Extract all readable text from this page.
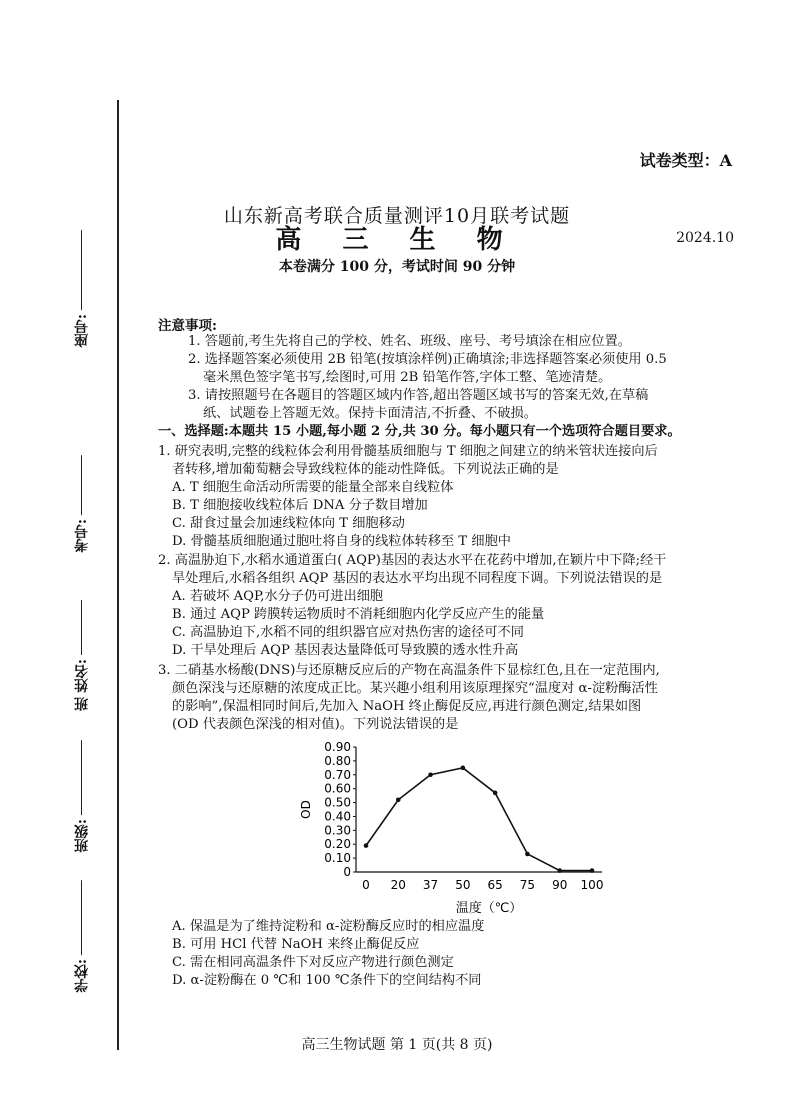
座号:
考号:
班 姓名:
班级:
学校:
试卷类型：A
山东新高考联合质量测评10月联考试题
高 三 生 物	2024.10
本卷满分 100 分，考试时间 90 分钟
注意事项:
1. 答题前,考生先将自己的学校、姓名、班级、座号、考号填涂在相应位置。
2. 选择题答案必须使用 2B 铅笔(按填涂样例)正确填涂;非选择题答案必须使用 0.5
毫米黑色签字笔书写,绘图时,可用 2B 铅笔作答,字体工整、笔迹清楚。
3. 请按照题号在各题目的答题区域内作答,超出答题区域书写的答案无效,在草稿
纸、试题卷上答题无效。保持卡面清洁,不折叠、不破损。
一、选择题:本题共 15 小题,每小题 2 分,共 30 分。每小题只有一个选项符合题目要求。
1. 研究表明,完整的线粒体会利用骨髓基质细胞与 T 细胞之间建立的纳米管状连接向后
者转移,增加葡萄糖会导致线粒体的能动性降低。下列说法正确的是
A. T 细胞生命活动所需要的能量全部来自线粒体
B. T 细胞接收线粒体后 DNA 分子数目增加
C. 甜食过量会加速线粒体向 T 细胞移动
D. 骨髓基质细胞通过胞吐将自身的线粒体转移至 T 细胞中
2. 高温胁迫下,水稻水通道蛋白( AQP)基因的表达水平在花药中增加,在颖片中下降;经干
旱处理后,水稻各组织 AQP 基因的表达水平均出现不同程度下调。下列说法错误的是
A. 若破坏 AQP,水分子仍可进出细胞
B. 通过 AQP 跨膜转运物质时不消耗细胞内化学反应产生的能量
C. 高温胁迫下,水稻不同的组织器官应对热伤害的途径可不同
D. 干旱处理后 AQP 基因表达量降低可导致膜的透水性升高
3. 二硝基水杨酸(DNS)与还原糖反应后的产物在高温条件下显棕红色,且在一定范围内,
颜色深浅与还原糖的浓度成正比。某兴趣小组利用该原理探究“温度对 α-淀粉酶活性
的影响”,保温相同时间后,先加入 NaOH 终止酶促反应,再进行颜色测定,结果如图
(OD 代表颜色深浅的相对值)。下列说法错误的是
0
0.10
0.20
0.30
0.40
0.50
0.60
0.70
0.80
0.90
0 20 37 50 65 75 90 100
OD
温度（℃）
A. 保温是为了维持淀粉和 α-淀粉酶反应时的相应温度
B. 可用 HCl 代替 NaOH 来终止酶促反应
C. 需在相同高温条件下对反应产物进行颜色测定
D. α-淀粉酶在 0 ℃和 100 ℃条件下的空间结构不同
高三生物试题 第 1 页(共 8 页)
